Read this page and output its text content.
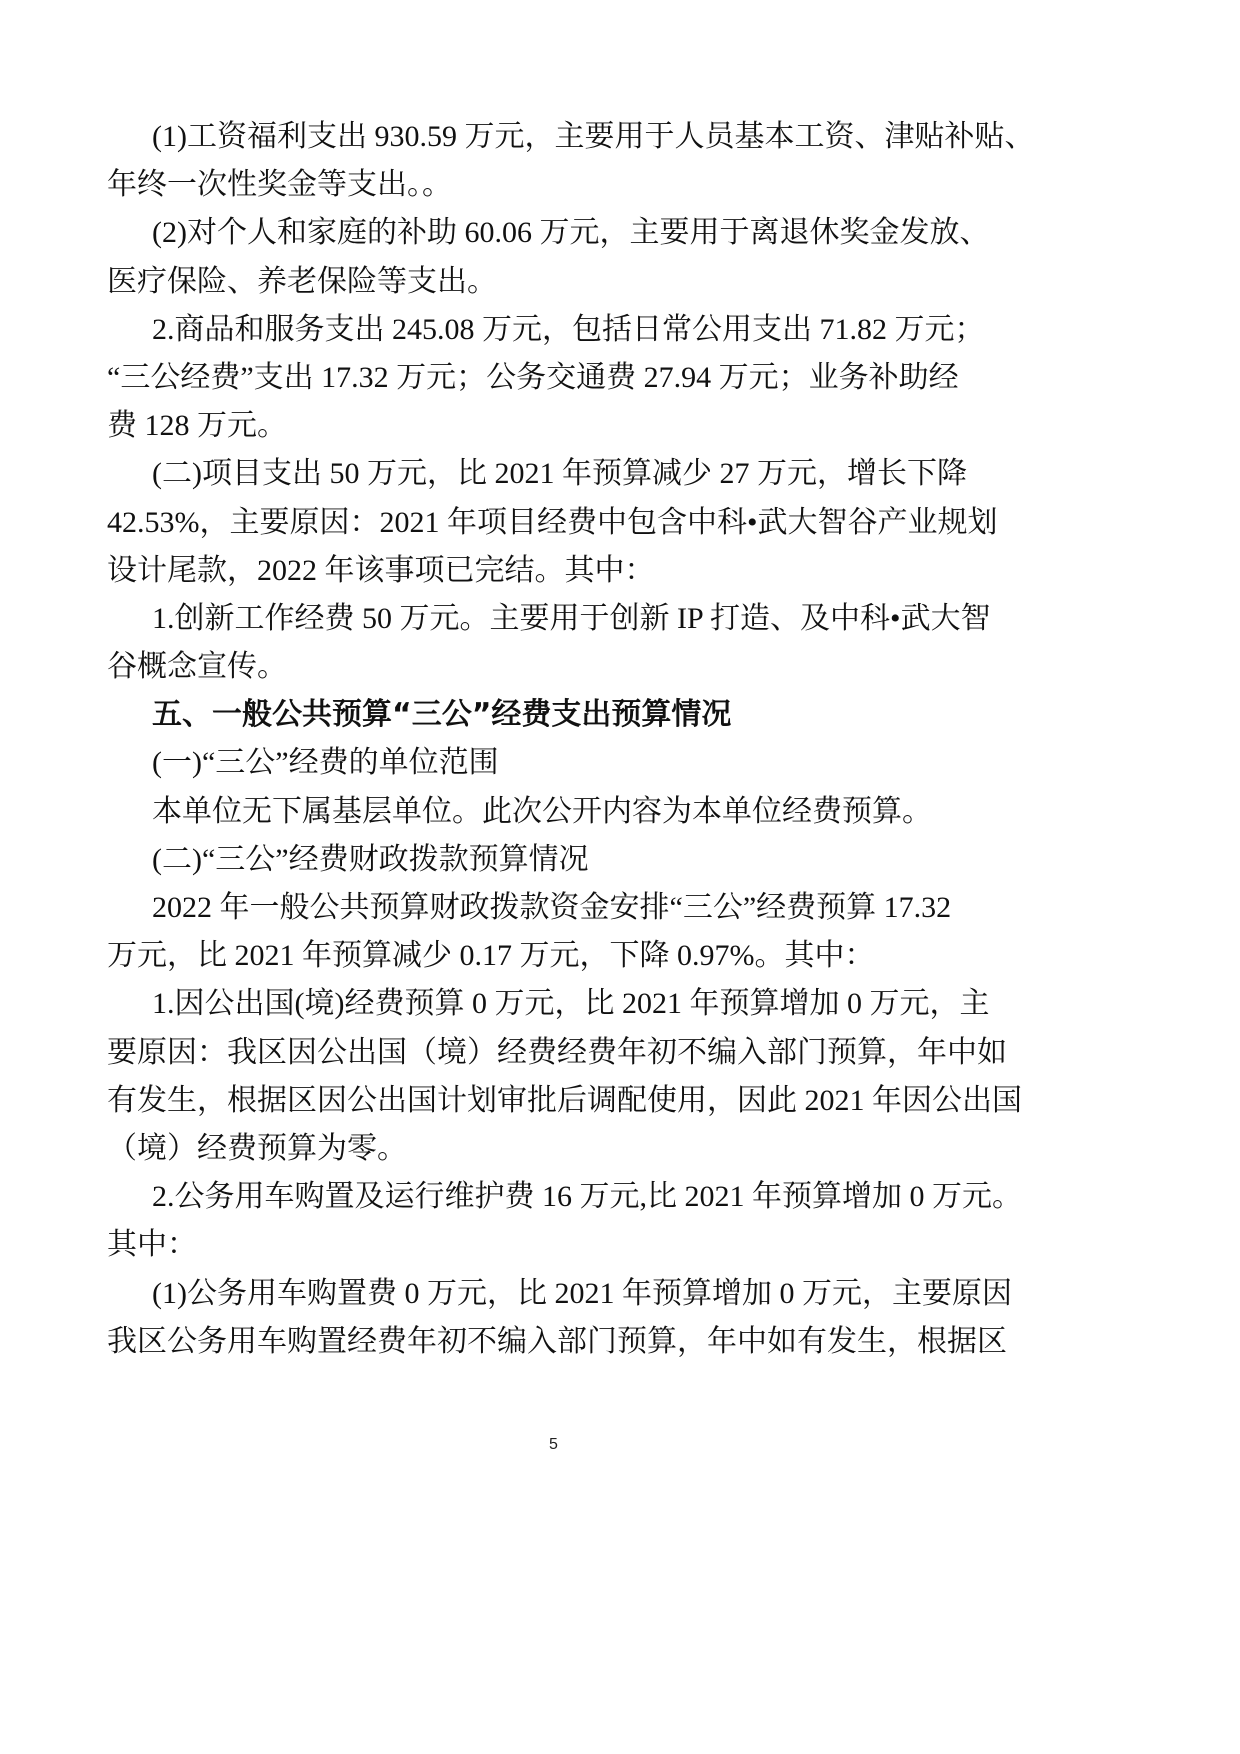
(1)工资福利支出 930.59 万元，主要用于人员基本工资、津贴补贴、
年终一次性奖金等支出。。
(2)对个人和家庭的补助 60.06 万元，主要用于离退休奖金发放、
医疗保险、养老保险等支出。
2.商品和服务支出 245.08 万元，包括日常公用支出 71.82 万元；
“三公经费”支出 17.32 万元；公务交通费 27.94 万元；业务补助经
费 128 万元。
(二)项目支出 50 万元，比 2021 年预算减少 27 万元，增长下降
42.53%，主要原因：2021 年项目经费中包含中科•武大智谷产业规划
设计尾款，2022 年该事项已完结。其中：
1.创新工作经费 50 万元。主要用于创新 IP 打造、及中科•武大智
谷概念宣传。
五、一般公共预算“三公”经费支出预算情况
(一)“三公”经费的单位范围
本单位无下属基层单位。此次公开内容为本单位经费预算。
(二)“三公”经费财政拨款预算情况
2022 年一般公共预算财政拨款资金安排“三公”经费预算 17.32
万元，比 2021 年预算减少 0.17 万元，下降 0.97%。其中：
1.因公出国(境)经费预算 0 万元，比 2021 年预算增加 0 万元，主
要原因：我区因公出国（境）经费经费年初不编入部门预算，年中如
有发生，根据区因公出国计划审批后调配使用，因此 2021 年因公出国
（境）经费预算为零。
2.公务用车购置及运行维护费 16 万元,比 2021 年预算增加 0 万元。
其中：
(1)公务用车购置费 0 万元，比 2021 年预算增加 0 万元，主要原因
我区公务用车购置经费年初不编入部门预算，年中如有发生，根据区
5
